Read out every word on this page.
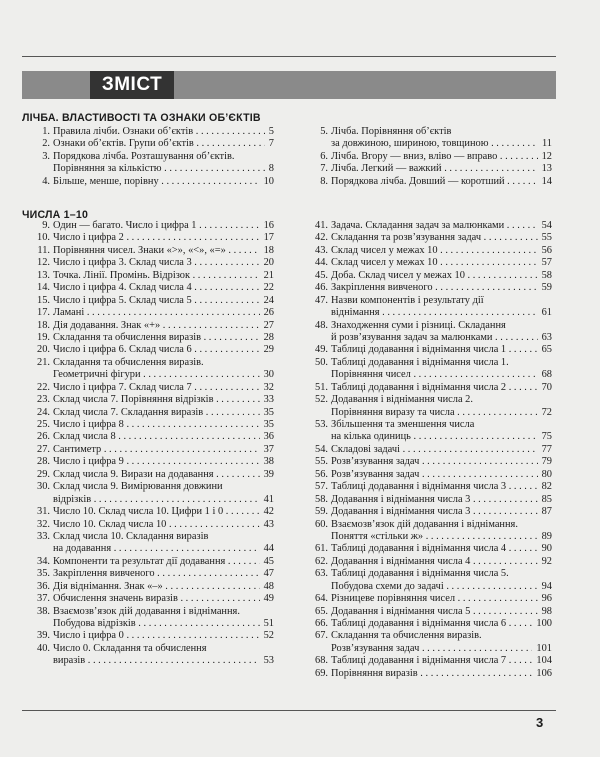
ЗМІСТ
ЛІЧБА. ВЛАСТИВОСТІ ТА ОЗНАКИ ОБ’ЄКТІВ
1. Правила лічби. Ознаки об’єктів . . .	5
2. Ознаки об’єктів. Групи об’єктів . . .	7
3. Порядкова лічба. Розташування об’єктів.
Порівняння за кількістю . . .	8
4. Більше, менше, порівну . . .	10
5. Лічба. Порівняння об’єктів
за довжиною, шириною, товщиною . . .	11
6. Лічба. Вгору — вниз, вліво — вправо . . .	12
7. Лічба. Легкий — важкий . . .	13
8. Порядкова лічба. Довший — коротший . . .	14
ЧИСЛА 1–10
9. Один — багато. Число і цифра 1 . . .	16
10. Число і цифра 2 . . .	17
11. Порівняння чисел. Знаки «>», «<», «=» . . .	18
12. Число і цифра 3. Склад числа 3 . . .	20
13. Точка. Лінії. Промінь. Відрізок . . .	21
14. Число і цифра 4. Склад числа 4 . . .	22
15. Число і цифра 5. Склад числа 5 . . .	24
17. Ламані . . .	26
18. Дія додавання. Знак «+» . . .	27
19. Складання та обчислення виразів . . .	28
20. Число і цифра 6. Склад числа 6 . . .	29
21. Складання та обчислення виразів.
Геометричні фігури . . .	30
22. Число і цифра 7. Склад числа 7 . . .	32
23. Склад числа 7. Порівняння відрізків . . .	33
24. Склад числа 7. Складання виразів . . .	35
25. Число і цифра 8 . . .	35
26. Склад числа 8 . . .	36
27. Сантиметр . . .	37
28. Число і цифра 9 . . .	38
29. Склад числа 9. Вирази на додавання . . .	39
30. Склад числа 9. Вимірювання довжини
відрізків . . .	41
31. Число 10. Склад числа 10. Цифри 1 і 0 . . .	42
32. Число 10. Склад числа 10 . . .	43
33. Склад числа 10. Складання виразів
на додавання . . .	44
34. Компоненти та результат дії додавання . . .	45
35. Закріплення вивченого . . .	47
36. Дія віднімання. Знак «–» . . .	48
37. Обчислення значень виразів . . .	49
38. Взаємозв’язок дій додавання і віднімання.
Побудова відрізків . . .	51
39. Число і цифра 0 . . .	52
40. Число 0. Складання та обчислення
виразів . . .	53
41. Задача. Складання задач за малюнками . . .	54
42. Складання та розв’язування задач . . .	55
43. Склад чисел у межах 10 . . .	56
44. Склад чисел у межах 10 . . .	57
45. Доба. Склад чисел у межах 10 . . .	58
46. Закріплення вивченого . . .	59
47. Назви компонентів і результату дії
віднімання . . .	61
48. Знаходження суми і різниці. Складання
й розв’язування задач за малюнками . . .	63
49. Таблиці додавання і віднімання числа 1 . . .	65
50. Таблиці додавання і віднімання числа 1.
Порівняння чисел . . .	68
51. Таблиці додавання і віднімання числа 2 . . .	70
52. Додавання і віднімання числа 2.
Порівняння виразу та числа . . .	72
53. Збільшення та зменшення числа
на кілька одиниць . . .	75
54. Складові задачі . . .	77
55. Розв’язування задач . . .	79
56. Розв’язування задач . . .	80
57. Таблиці додавання і віднімання числа 3 . . .	82
58. Додавання і віднімання числа 3 . . .	85
59. Додавання і віднімання числа 3 . . .	87
60. Взаємозв’язок дій додавання і віднімання.
Поняття «стільки ж» . . .	89
61. Таблиці додавання і віднімання числа 4 . . .	90
62. Додавання і віднімання числа 4 . . .	92
63. Таблиці додавання і віднімання числа 5.
Побудова схеми до задачі . . .	94
64. Різницеве порівняння чисел . . .	96
65. Додавання і віднімання числа 5 . . .	98
66. Таблиці додавання і віднімання числа 6 . . .	100
67. Складання та обчислення виразів.
Розв’язування задач . . .	101
68. Таблиці додавання і віднімання числа 7 . . .	104
69. Порівняння виразів . . .	106
3
